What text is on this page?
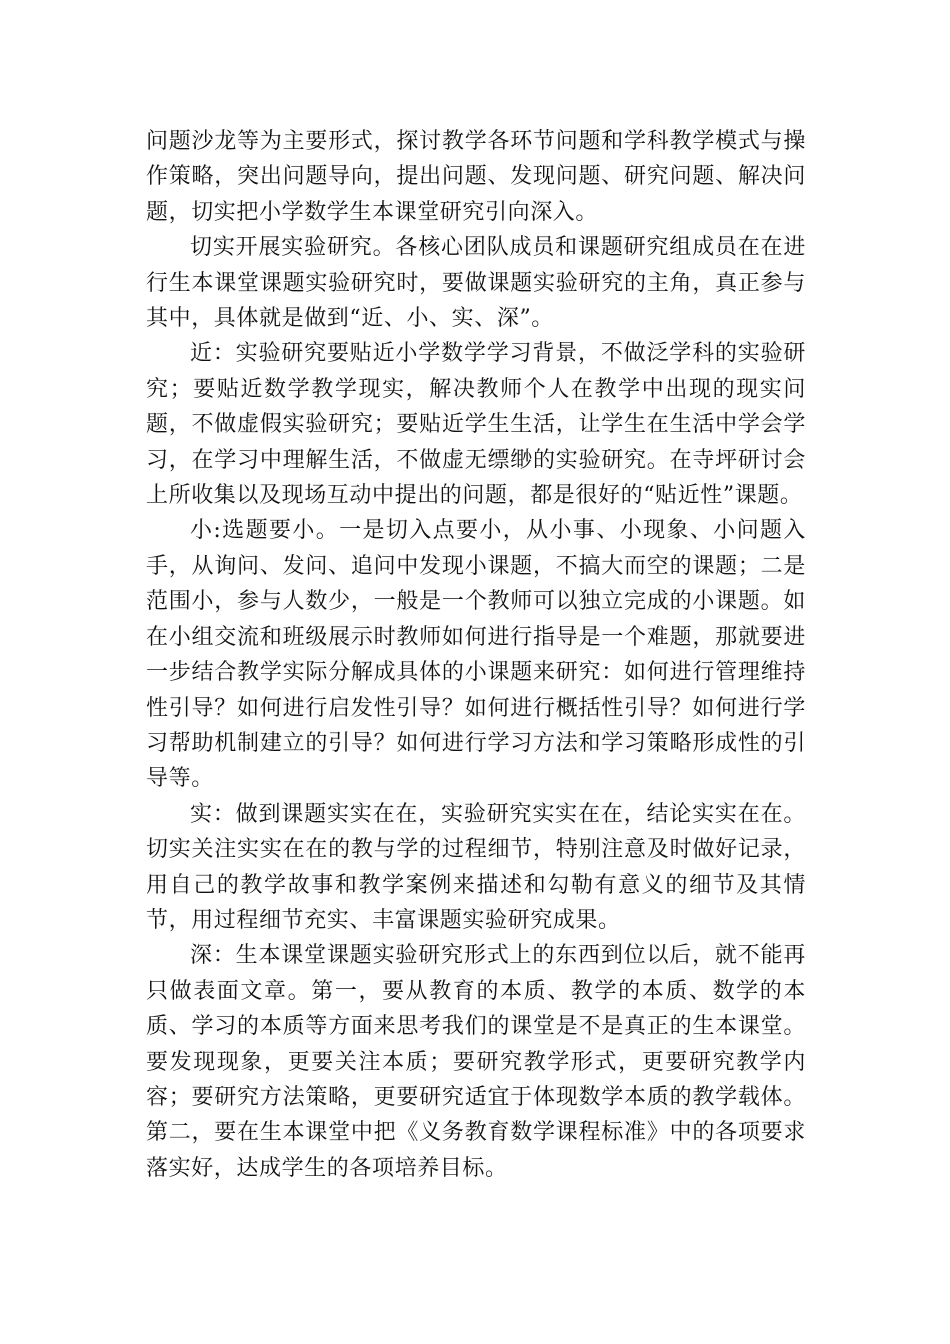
问题沙龙等为主要形式，探讨教学各环节问题和学科教学模式与操作策略，突出问题导向，提出问题、发现问题、研究问题、解决问题，切实把小学数学生本课堂研究引向深入。

切实开展实验研究。各核心团队成员和课题研究组成员在在进行生本课堂课题实验研究时，要做课题实验研究的主角，真正参与其中，具体就是做到“近、小、实、深”。

近：实验研究要贴近小学数学学习背景，不做泛学科的实验研究；要贴近数学教学现实，解决教师个人在教学中出现的现实问题，不做虚假实验研究；要贴近学生生活，让学生在生活中学会学习，在学习中理解生活，不做虚无缥缈的实验研究。在寺坪研讨会上所收集以及现场互动中提出的问题，都是很好的“贴近性”课题。

小:选题要小。一是切入点要小，从小事、小现象、小问题入手，从询问、发问、追问中发现小课题，不搞大而空的课题；二是范围小，参与人数少，一般是一个教师可以独立完成的小课题。如在小组交流和班级展示时教师如何进行指导是一个难题，那就要进一步结合教学实际分解成具体的小课题来研究：如何进行管理维持性引导？如何进行启发性引导？如何进行概括性引导？如何进行学习帮助机制建立的引导？如何进行学习方法和学习策略形成性的引导等。

实：做到课题实实在在，实验研究实实在在，结论实实在在。切实关注实实在在的教与学的过程细节，特别注意及时做好记录，用自己的教学故事和教学案例来描述和勾勒有意义的细节及其情节，用过程细节充实、丰富课题实验研究成果。

深：生本课堂课题实验研究形式上的东西到位以后，就不能再只做表面文章。第一，要从教育的本质、教学的本质、数学的本质、学习的本质等方面来思考我们的课堂是不是真正的生本课堂。要发现现象，更要关注本质；要研究教学形式，更要研究教学内容；要研究方法策略，更要研究适宜于体现数学本质的教学载体。第二，要在生本课堂中把《义务教育数学课程标准》中的各项要求落实好，达成学生的各项培养目标。
